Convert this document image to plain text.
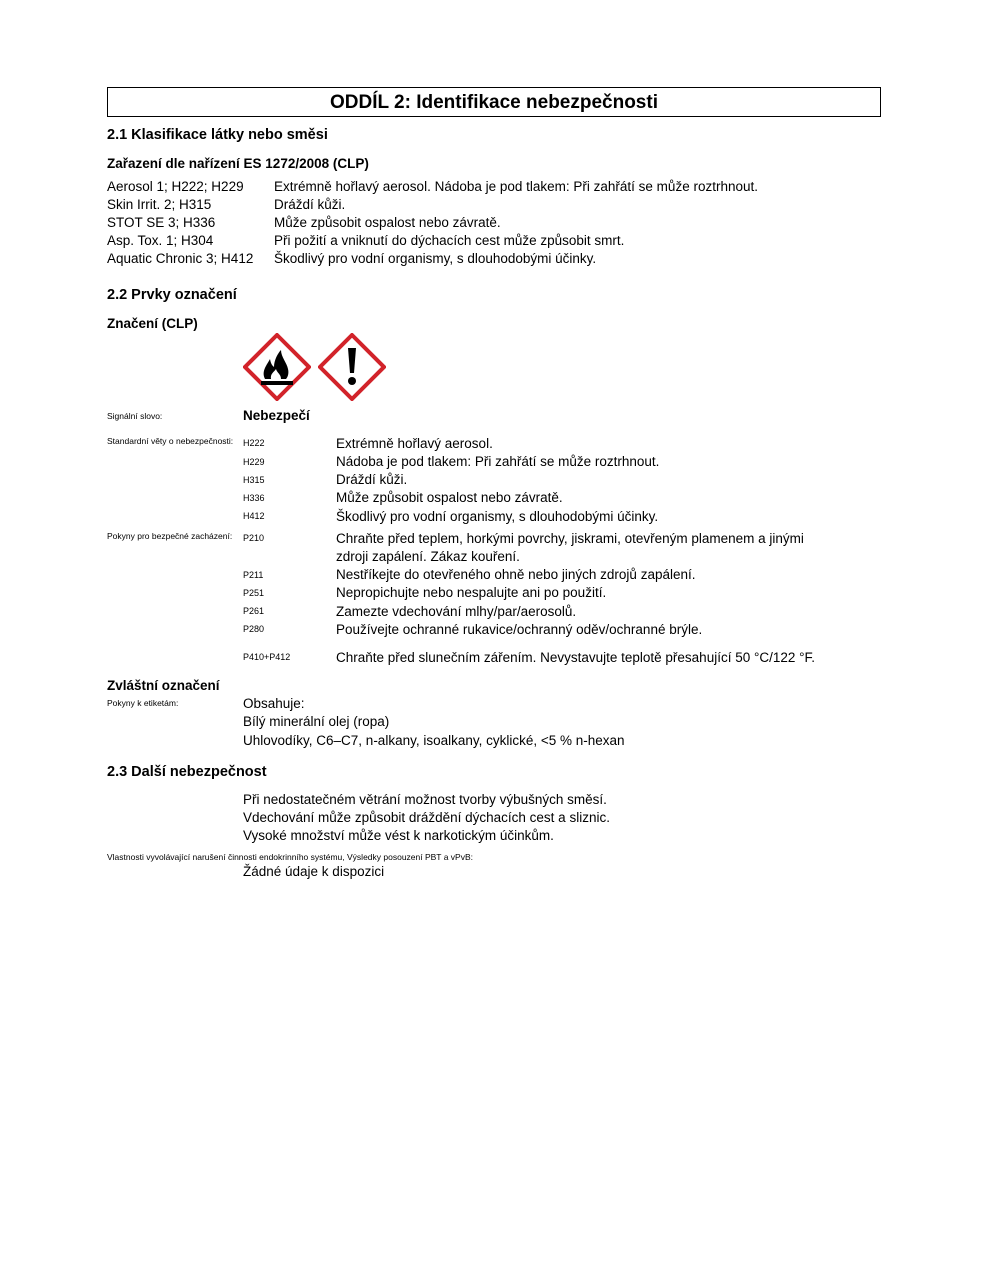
ODDÍL 2: Identifikace nebezpečnosti
2.1 Klasifikace látky nebo směsi
Zařazení dle nařízení ES 1272/2008 (CLP)
Aerosol 1; H222; H229 Extrémně hořlavý aerosol. Nádoba je pod tlakem: Při zahřátí se může roztrhnout.
Skin Irrit. 2; H315	Dráždí kůži.
STOT SE 3; H336	Může způsobit ospalost nebo závratě.
Asp. Tox. 1; H304	Při požití a vniknutí do dýchacích cest může způsobit smrt.
Aquatic Chronic 3; H412 Škodlivý pro vodní organismy, s dlouhodobými účinky.
2.2 Prvky označení
Značení (CLP)
Signální slovo:	Nebezpečí
Standardní věty o nebezpečnosti: H222	Extrémně hořlavý aerosol.
H229	Nádoba je pod tlakem: Při zahřátí se může roztrhnout.
H315	Dráždí kůži.
H336	Může způsobit ospalost nebo závratě.
H412	Škodlivý pro vodní organismy, s dlouhodobými účinky.
Pokyny pro bezpečné zacházení: P210	Chraňte před teplem, horkými povrchy, jiskrami, otevřeným plamenem a jinými
zdroji zapálení. Zákaz kouření.
P211	Nestříkejte do otevřeného ohně nebo jiných zdrojů zapálení.
P251	Nepropichujte nebo nespalujte ani po použití.
P261	Zamezte vdechování mlhy/par/aerosolů.
P280	Používejte ochranné rukavice/ochranný oděv/ochranné brýle.
P410+P412	Chraňte před slunečním zářením. Nevystavujte teplotě přesahující 50 °C/122 °F.
Zvláštní označení
Pokyny k etiketám:	Obsahuje:
Bílý minerální olej (ropa)
Uhlovodíky, C6–C7, n-alkany, isoalkany, cyklické, <5 % n-hexan
2.3 Další nebezpečnost
Při nedostatečném větrání možnost tvorby výbušných směsí.
Vdechování může způsobit dráždění dýchacích cest a sliznic.
Vysoké množství může vést k narkotickým účinkům.
Vlastnosti vyvolávající narušení činnosti endokrinního systému, Výsledky posouzení PBT a vPvB:
Žádné údaje k dispozici
